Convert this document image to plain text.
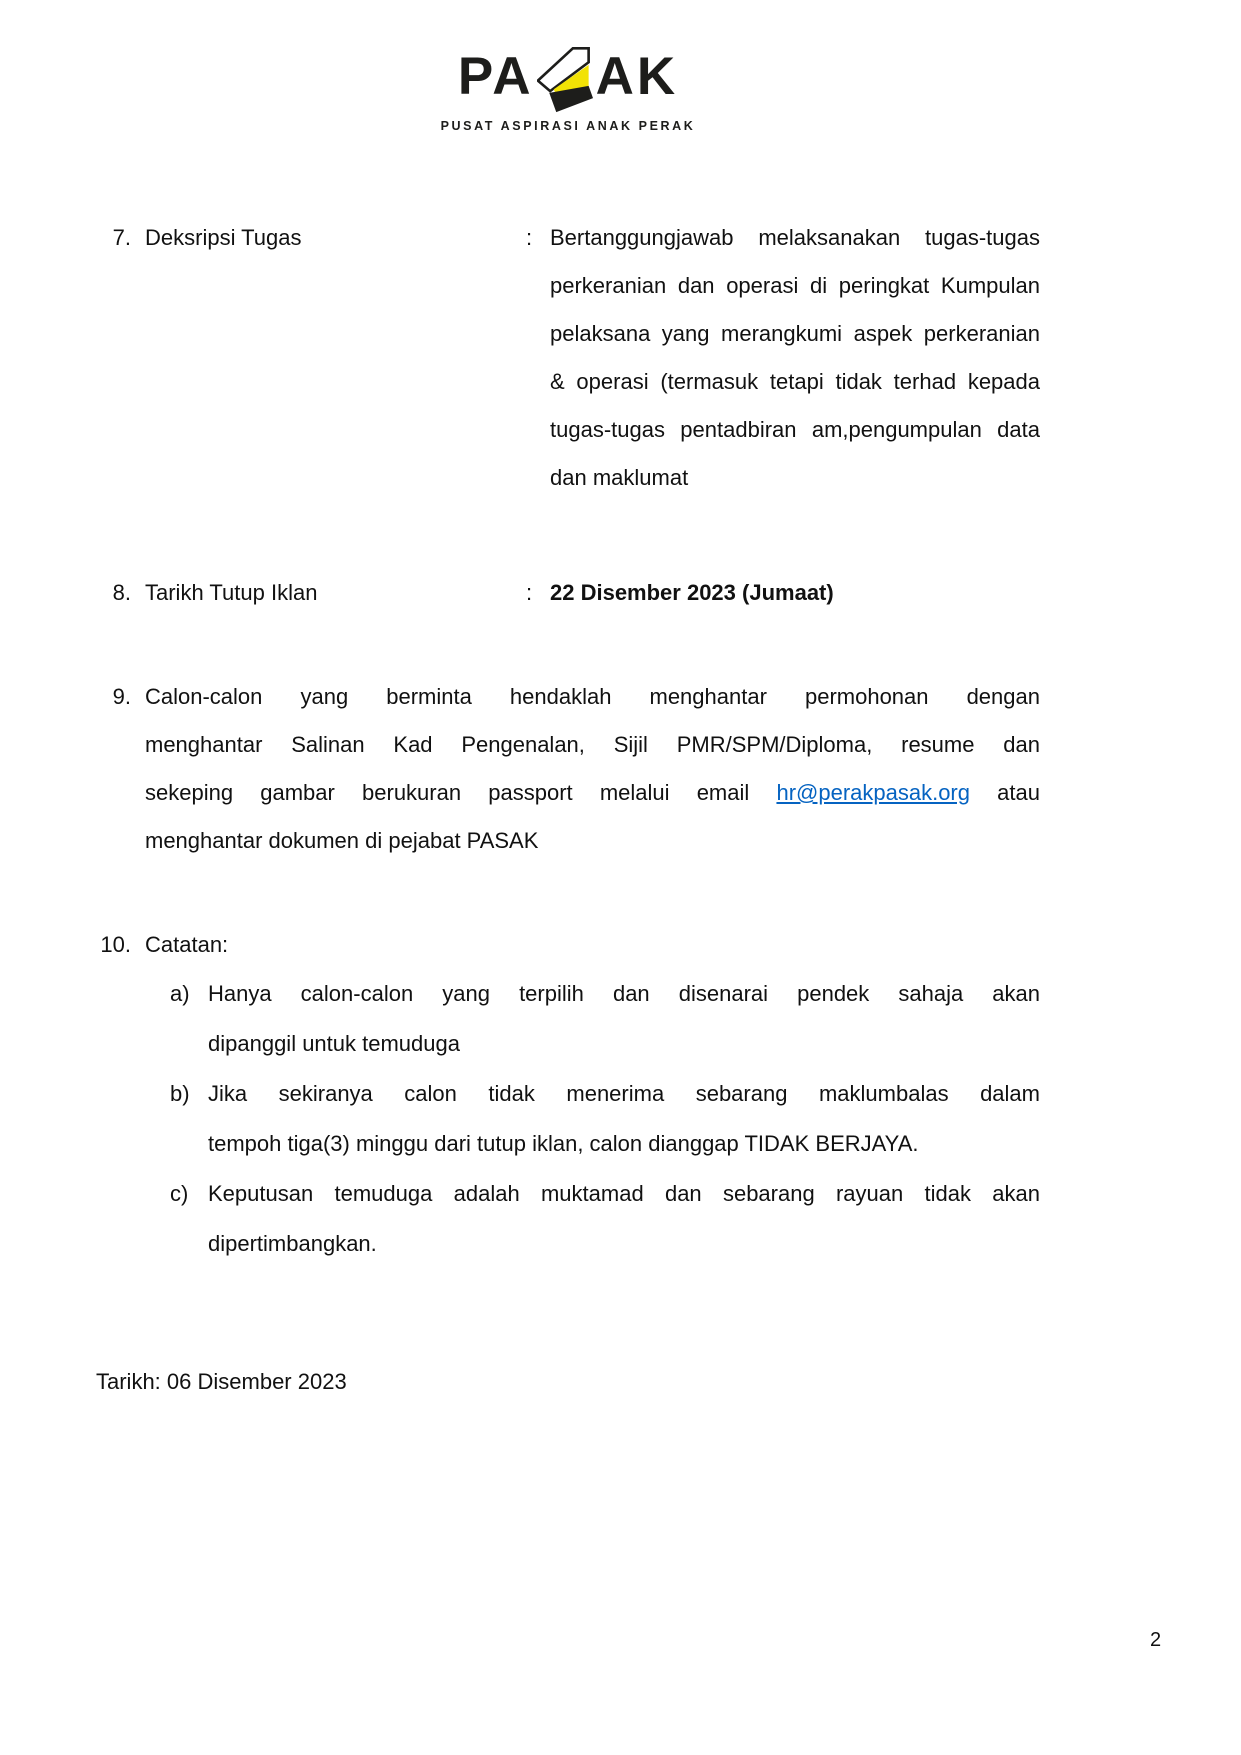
PA AK
PUSAT ASPIRASI ANAK PERAK
7. Deksripsi Tugas	: Bertanggungjawab melaksanakan tugas-tugas
perkeranian dan operasi di peringkat Kumpulan
pelaksana yang merangkumi aspek perkeranian
& operasi (termasuk tetapi tidak terhad kepada
tugas-tugas pentadbiran am,pengumpulan data
dan maklumat
8. Tarikh Tutup Iklan	: 22 Disember 2023 (Jumaat)
9. Calon-calon yang berminta hendaklah menghantar permohonan dengan
menghantar Salinan Kad Pengenalan, Sijil PMR/SPM/Diploma, resume dan
sekeping gambar berukuran passport melalui email hr@perakpasak.org atau
menghantar dokumen di pejabat PASAK
10. Catatan:
a) Hanya calon-calon yang terpilih dan disenarai pendek sahaja akan
dipanggil untuk temuduga
b) Jika sekiranya calon tidak menerima sebarang maklumbalas dalam
tempoh tiga(3) minggu dari tutup iklan, calon dianggap TIDAK BERJAYA.
c) Keputusan temuduga adalah muktamad dan sebarang rayuan tidak akan
dipertimbangkan.
Tarikh: 06 Disember 2023
2
